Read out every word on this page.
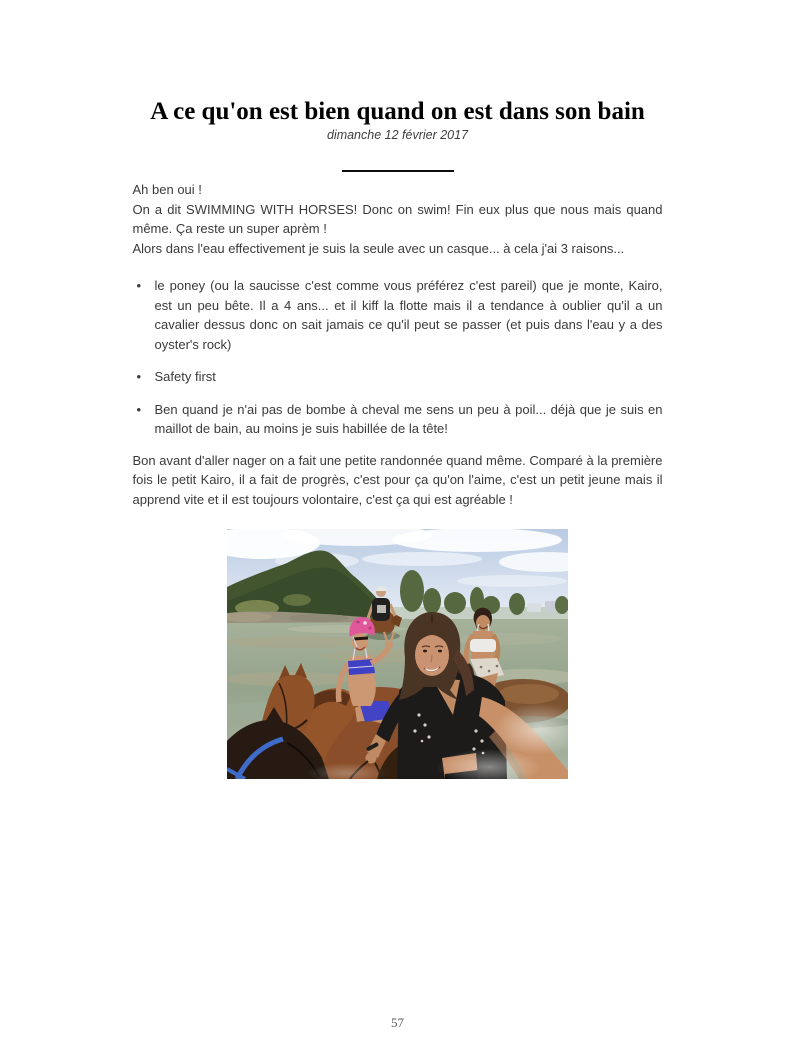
A ce qu'on est bien quand on est dans son bain
dimanche 12 février 2017

Ah ben oui !

On a dit SWIMMING WITH HORSES! Donc on swim! Fin eux plus que nous mais quand même. Ça reste un super aprèm !

Alors dans l'eau effectivement je suis la seule avec un casque... à cela j'ai 3 raisons...

• le poney (ou la saucisse c'est comme vous préférez c'est pareil) que je monte, Kairo, est un peu bête. Il a 4 ans... et il kiff la flotte mais il a tendance à oublier qu'il a un cavalier dessus donc on sait jamais ce qu'il peut se passer (et puis dans l'eau y a des oyster's rock)
• Safety first
• Ben quand je n'ai pas de bombe à cheval me sens un peu à poil... déjà que je suis en maillot de bain, au moins je suis habillée de la tête!

Bon avant d'aller nager on a fait une petite randonnée quand même. Comparé à la première fois le petit Kairo, il a fait de progrès, c'est pour ça qu'on l'aime, c'est un petit jeune mais il apprend vite et il est toujours volontaire, c'est ça qui est agréable !

57
